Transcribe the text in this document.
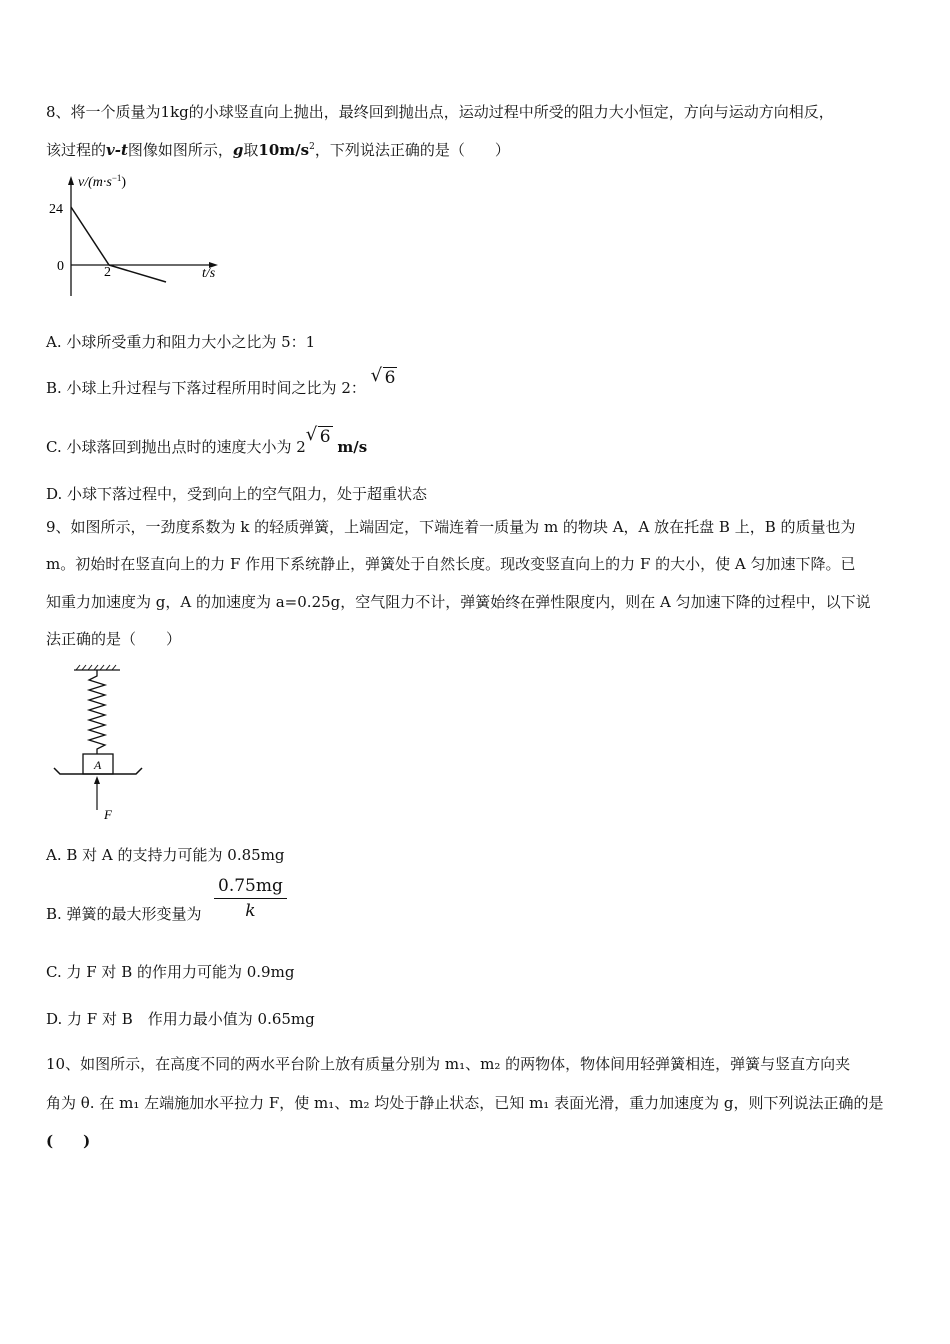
8、将一个质量为1kg的小球竖直向上抛出，最终回到抛出点，运动过程中所受的阻力大小恒定，方向与运动方向相反，
该过程的v-t图像如图所示，g取$10m/s^2$，下列说法正确的是（　　）
$v/(m\cdot s^{-1})$
24
0	2	t/s
A. 小球所受重力和阻力大小之比为 5：1
B. 小球上升过程与下落过程所用时间之比为 2： √ 6
C. 小球落回到抛出点时的速度大小为 2 √ 6 m/s
D. 小球下落过程中，受到向上的空气阻力，处于超重状态
9、如图所示，一劲度系数为 k 的轻质弹簧，上端固定，下端连着一质量为 m 的物块 A，A 放在托盘 B 上，B 的质量也为
m。初始时在竖直向上的力 F 作用下系统静止，弹簧处于自然长度。现改变竖直向上的力 F 的大小，使 A 匀加速下降。已
知重力加速度为 g，A 的加速度为 a=0.25g，空气阻力不计，弹簧始终在弹性限度内，则在 A 匀加速下降的过程中，以下说
法正确的是（　　）
A
F
A. B 对 A 的支持力可能为 0.85mg
B. 弹簧的最大形变量为 $\frac{0.75mg}{k}$
C. 力 F 对 B 的作用力可能为 0.9mg
D. 力 F 对 B　作用力最小值为 0.65mg
10、如图所示，在高度不同的两水平台阶上放有质量分别为 m₁、m₂ 的两物体，物体间用轻弹簧相连，弹簧与竖直方向夹
角为 θ. 在 m₁ 左端施加水平拉力 F，使 m₁、m₂ 均处于静止状态，已知 m₁ 表面光滑，重力加速度为 g，则下列说法正确的是
(　　)
